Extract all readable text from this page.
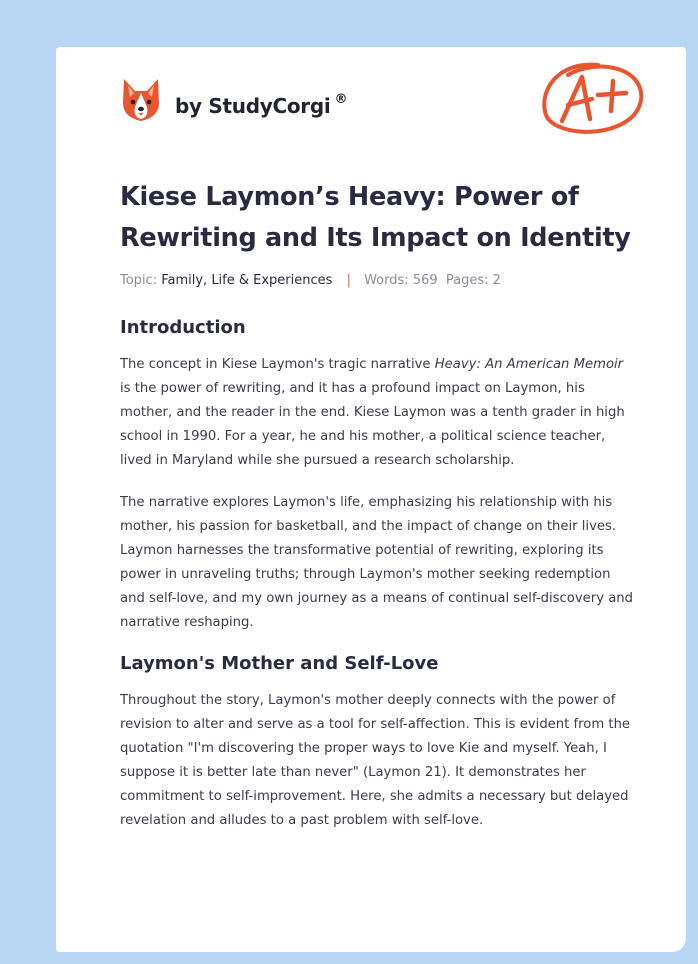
by StudyCorgi ®
A+
Kiese Laymon’s Heavy: Power of Rewriting and Its Impact on Identity
Topic: Family, Life & Experiences | Words: 569 Pages: 2
Introduction

The concept in Kiese Laymon's tragic narrative Heavy: An American Memoir is the power of rewriting, and it has a profound impact on Laymon, his mother, and the reader in the end. Kiese Laymon was a tenth grader in high school in 1990. For a year, he and his mother, a political science teacher, lived in Maryland while she pursued a research scholarship.

The narrative explores Laymon's life, emphasizing his relationship with his mother, his passion for basketball, and the impact of change on their lives. Laymon harnesses the transformative potential of rewriting, exploring its power in unraveling truths; through Laymon's mother seeking redemption and self-love, and my own journey as a means of continual self-discovery and narrative reshaping.

Laymon's Mother and Self-Love

Throughout the story, Laymon's mother deeply connects with the power of revision to alter and serve as a tool for self-affection. This is evident from the quotation "I'm discovering the proper ways to love Kie and myself. Yeah, I suppose it is better late than never" (Laymon 21). It demonstrates her commitment to self-improvement. Here, she admits a necessary but delayed revelation and alludes to a past problem with self-love.
